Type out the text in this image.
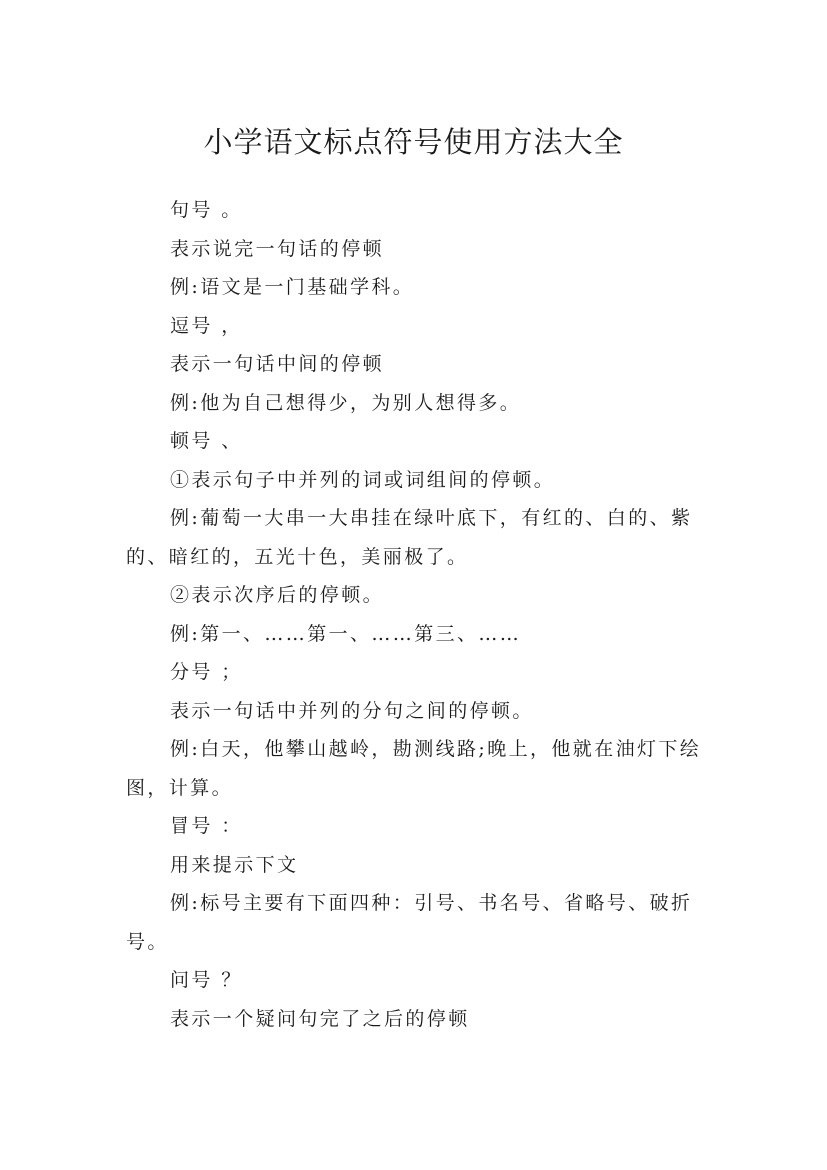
小学语文标点符号使用方法大全

句号 。

表示说完一句话的停顿

例:语文是一门基础学科。

逗号 ，

表示一句话中间的停顿

例:他为自己想得少，为别人想得多。

顿号 、

①表示句子中并列的词或词组间的停顿。

例:葡萄一大串一大串挂在绿叶底下，有红的、白的、紫的、暗红的，五光十色，美丽极了。

②表示次序后的停顿。

例:第一、……第一、……第三、……

分号 ；

表示一句话中并列的分句之间的停顿。

例:白天，他攀山越岭，勘测线路;晚上，他就在油灯下绘图，计算。

冒号 ：

用来提示下文

例:标号主要有下面四种：引号、书名号、省略号、破折号。

问号 ？

表示一个疑问句完了之后的停顿
